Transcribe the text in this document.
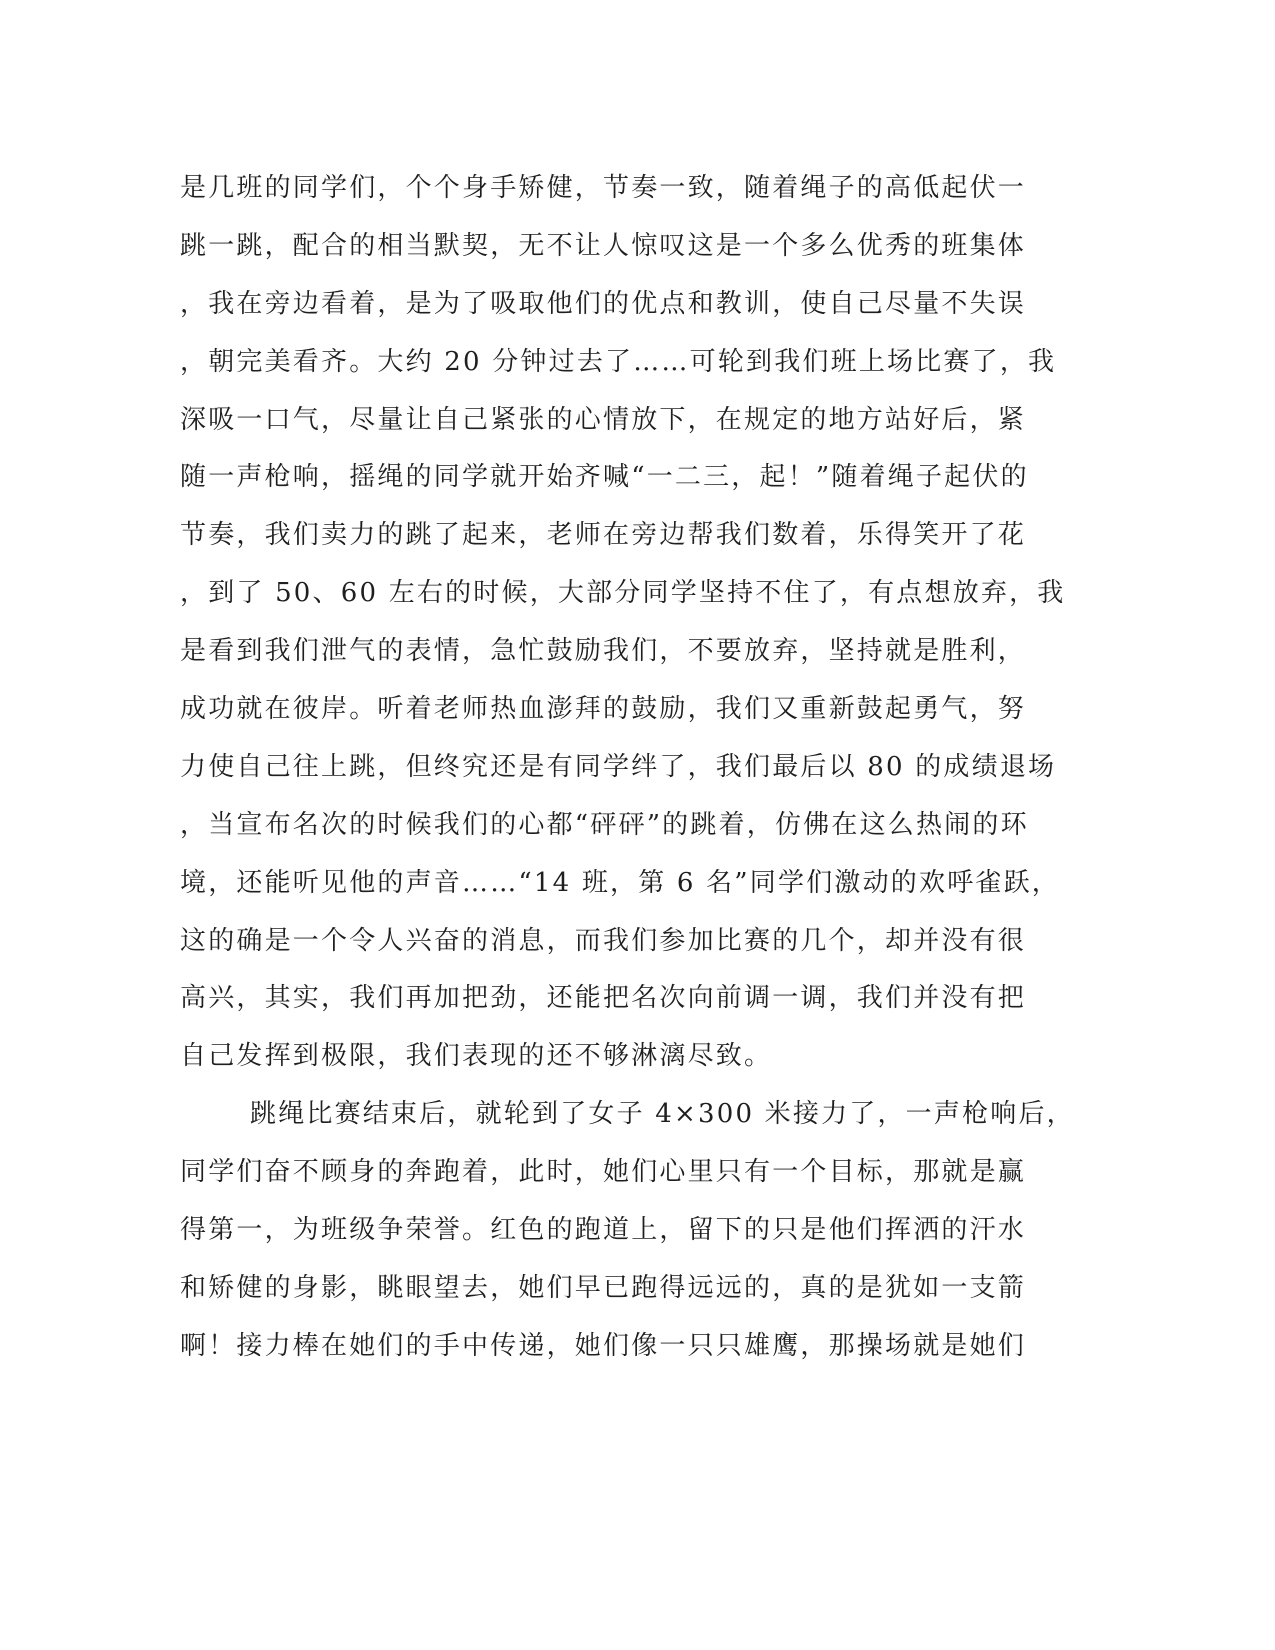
是几班的同学们，个个身手矫健，节奏一致，随着绳子的高低起伏一
跳一跳，配合的相当默契，无不让人惊叹这是一个多么优秀的班集体
，我在旁边看着，是为了吸取他们的优点和教训，使自己尽量不失误
，朝完美看齐。大约 20 分钟过去了……可轮到我们班上场比赛了，我
深吸一口气，尽量让自己紧张的心情放下，在规定的地方站好后，紧
随一声枪响，摇绳的同学就开始齐喊“一二三，起！”随着绳子起伏的
节奏，我们卖力的跳了起来，老师在旁边帮我们数着，乐得笑开了花
，到了 50、60 左右的时候，大部分同学坚持不住了，有点想放弃，我
是看到我们泄气的表情，急忙鼓励我们，不要放弃，坚持就是胜利，
成功就在彼岸。听着老师热血澎拜的鼓励，我们又重新鼓起勇气，努
力使自己往上跳，但终究还是有同学绊了，我们最后以 80 的成绩退场
，当宣布名次的时候我们的心都“砰砰”的跳着，仿佛在这么热闹的环
境，还能听见他的声音……“14 班，第 6 名”同学们激动的欢呼雀跃，
这的确是一个令人兴奋的消息，而我们参加比赛的几个，却并没有很
高兴，其实，我们再加把劲，还能把名次向前调一调，我们并没有把
自己发挥到极限，我们表现的还不够淋漓尽致。
跳绳比赛结束后，就轮到了女子 4×300 米接力了，一声枪响后，
同学们奋不顾身的奔跑着，此时，她们心里只有一个目标，那就是赢
得第一，为班级争荣誉。红色的跑道上，留下的只是他们挥洒的汗水
和矫健的身影，眺眼望去，她们早已跑得远远的，真的是犹如一支箭
啊！接力棒在她们的手中传递，她们像一只只雄鹰，那操场就是她们
